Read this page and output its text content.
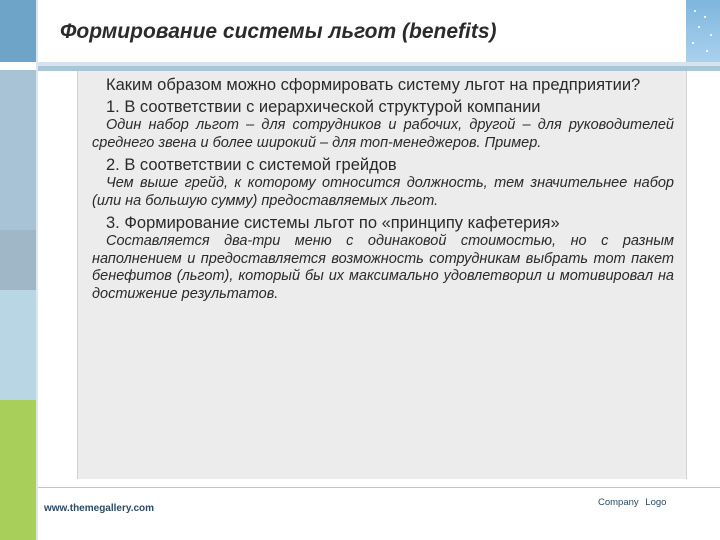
Формирование системы льгот (benefits)

Каким образом можно сформировать систему льгот на предприятии?

1. В соответствии с иерархической структурой компании

Один набор льгот – для сотрудников и рабочих, другой – для руководителей среднего звена и более широкий – для топ-менеджеров. Пример.

2. В соответствии с системой грейдов

Чем выше грейд, к которому относится должность, тем значительнее набор (или на большую сумму) предоставляемых льгот.

3. Формирование системы льгот по «принципу кафетерия»

Составляется два-три меню с одинаковой стоимостью, но с разным наполнением и предоставляется возможность сотрудникам выбрать тот пакет бенефитов (льгот), который бы их максимально удовлетворил и мотивировал на достижение результатов.

www.themegallery.com
Company Logo
